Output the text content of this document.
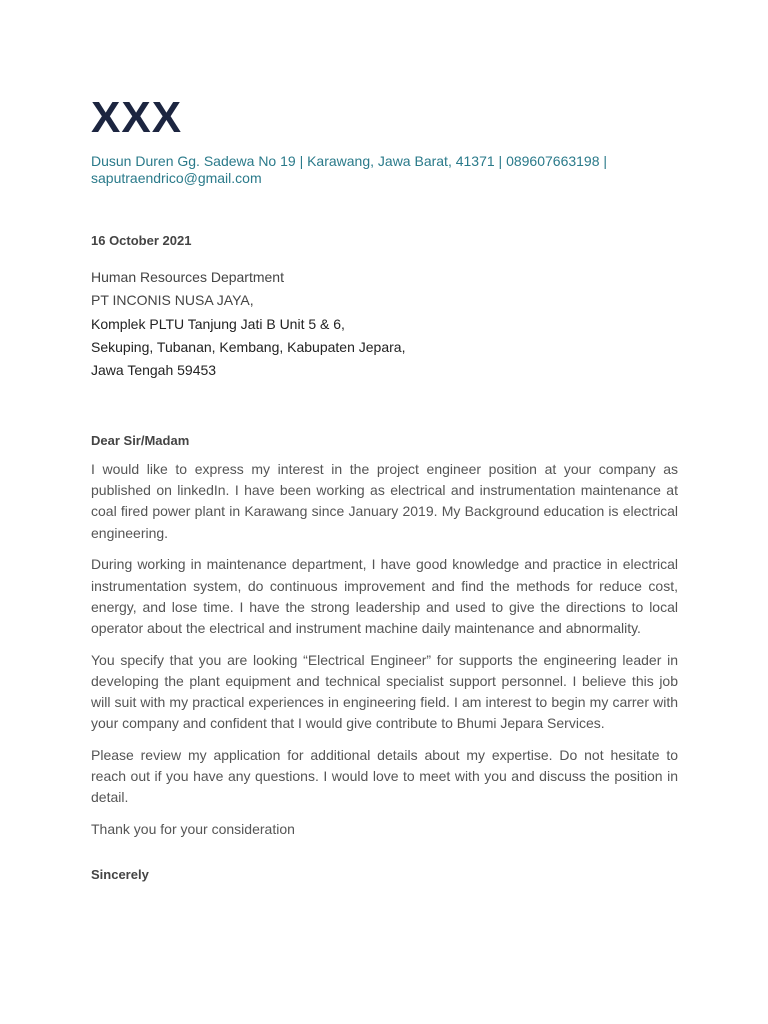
XXX
Dusun Duren Gg. Sadewa No 19 | Karawang, Jawa Barat, 41371 | 089607663198 |
saputraendrico@gmail.com
16 October 2021
Human Resources Department
PT INCONIS NUSA JAYA,
Komplek PLTU Tanjung Jati B Unit 5 & 6,
Sekuping, Tubanan, Kembang, Kabupaten Jepara,
Jawa Tengah 59453
Dear Sir/Madam

I would like to express my interest in the project engineer position at your company as published on linkedIn. I have been working as electrical and instrumentation maintenance at coal fired power plant in Karawang since January 2019. My Background education is electrical engineering.

During working in maintenance department, I have good knowledge and practice in electrical instrumentation system, do continuous improvement and find the methods for reduce cost, energy, and lose time. I have the strong leadership and used to give the directions to local operator about the electrical and instrument machine daily maintenance and abnormality.

You specify that you are looking “Electrical Engineer” for supports the engineering leader in developing the plant equipment and technical specialist support personnel. I believe this job will suit with my practical experiences in engineering field. I am interest to begin my carrer with your company and confident that I would give contribute to Bhumi Jepara Services.

Please review my application for additional details about my expertise. Do not hesitate to reach out if you have any questions. I would love to meet with you and discuss the position in detail.

Thank you for your consideration

Sincerely
